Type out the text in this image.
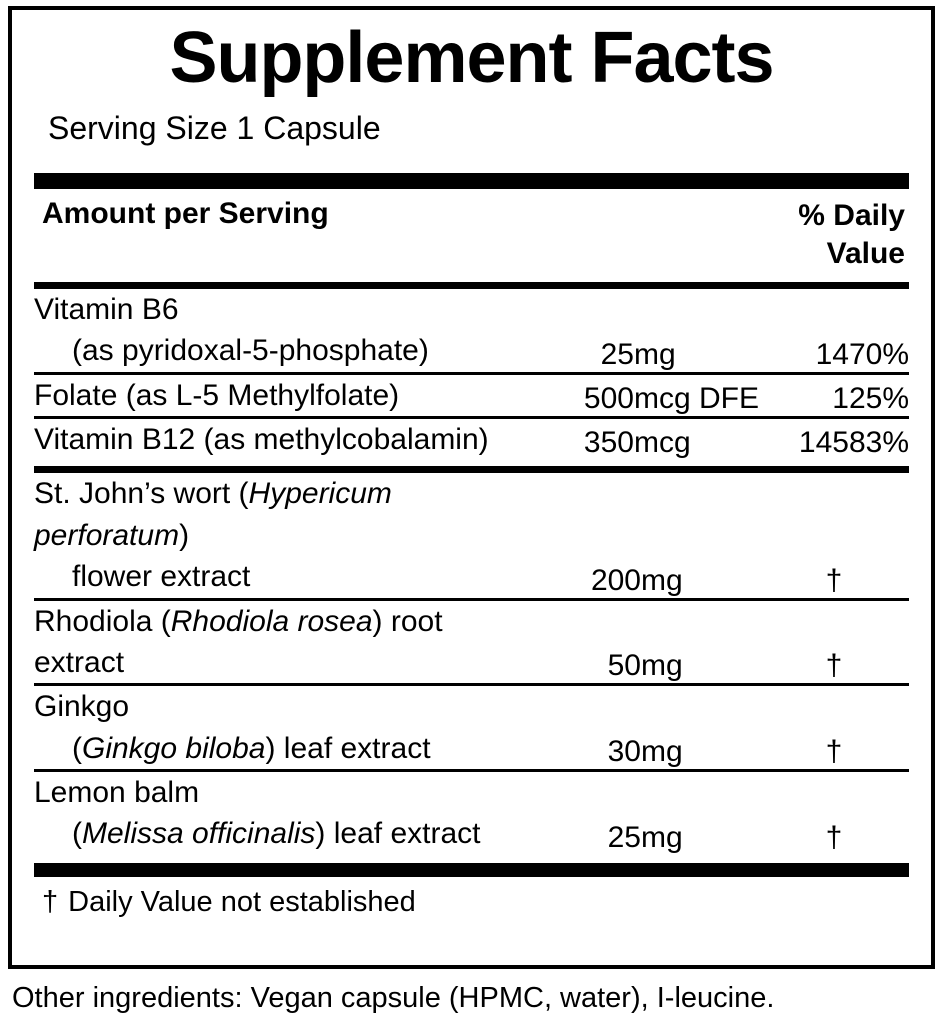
Supplement Facts
Serving Size 1 Capsule
Amount per Serving	% Daily
Value
Vitamin B6
(as pyridoxal-5-phosphate)	25	mg	1470%
Folate (as L-5 Methylfolate)	500	mcg DFE	125%
Vitamin B12 (as methylcobalamin)	350	mcg	14583%
St. John’s wort (Hypericum perforatum)
flower extract	200	mg	†
Rhodiola (Rhodiola rosea) root extract	50	mg	†
Ginkgo
(Ginkgo biloba) leaf extract	30	mg	†
Lemon balm
(Melissa officinalis) leaf extract	25	mg	†
† Daily Value not established
Other ingredients: Vegan capsule (HPMC, water), I-leucine.
